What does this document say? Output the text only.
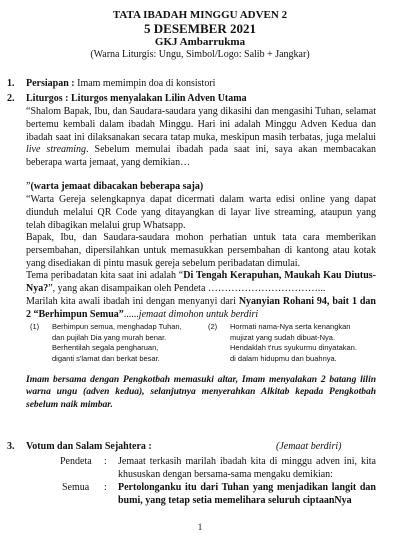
TATA IBADAH MINGGU ADVEN 2
5 DESEMBER 2021
GKJ Ambarrukma
(Warna Liturgis: Ungu, Simbol/Logo: Salib + Jangkar)
1. Persiapan : Imam memimpin doa di konsistori
2. Liturgos : Liturgos menyalakan Lilin Adven Utama
“Shalom Bapak, Ibu, dan Saudara-saudara yang dikasihi dan mengasihi Tuhan, selamat bertemu kembali dalam ibadah Minggu. Hari ini adalah Minggu Adven Kedua dan ibadah saat ini dilaksanakan secara tatap muka, meskipun masih terbatas, juga melalui live streaming. Sebelum memulai ibadah pada saat ini, saya akan membacakan beberapa warta jemaat, yang demikian…
”(warta jemaat dibacakan beberapa saja)
“Warta Gereja selengkapnya dapat dicermati dalam warta edisi online yang dapat diunduh melalui QR Code yang ditayangkan di layar live streaming, ataupun yang telah dibagikan melalui grup Whatsapp.
Bapak, Ibu, dan Saudara-saudara mohon perhatian untuk tata cara memberikan persembahan, dipersilahkan untuk memasukkan persembahan di kantong atau kotak yang disediakan di pintu masuk gereja sebelum peribadatan dimulai.
Tema peribadatan kita saat ini adalah “Di Tengah Kerapuhan, Maukah Kau Diutus-Nya?”, yang akan disampaikan oleh Pendeta ……………………………...
Marilah kita awali ibadah ini dengan menyanyi dari Nyanyian Rohani 94, bait 1 dan 2 “Berhimpun Semua”......jemaat dimohon untuk berdiri
(1) Berhimpun semua, menghadap Tuhan,
dan pujilah Dia yang murah benar.
Berhentilah segala pengharuan,
diganti s'lamat dan berkat besar.
(2) Hormati nama-Nya serta kenangkan
mujizat yang sudah dibuat-Nya.
Hendaklah t'rus syukurmu dinyatakan.
di dalam hidupmu dan buahnya.
Imam bersama dengan Pengkotbah memasuki altar, Imam menyalakan 2 batang lilin warna ungu (adven kedua), selanjutnya menyerahkan Alkitab kepada Pengkotbah sebelum naik mimbar.
3. Votum dan Salam Sejahtera :	(Jemaat berdiri)
Pendeta : Jemaat terkasih marilah ibadah kita di minggu adven ini, kita khususkan dengan bersama-sama mengaku demikian:
Semua : Pertolonganku itu dari Tuhan yang menjadikan langit dan bumi, yang tetap setia memelihara seluruh ciptaanNya
1
